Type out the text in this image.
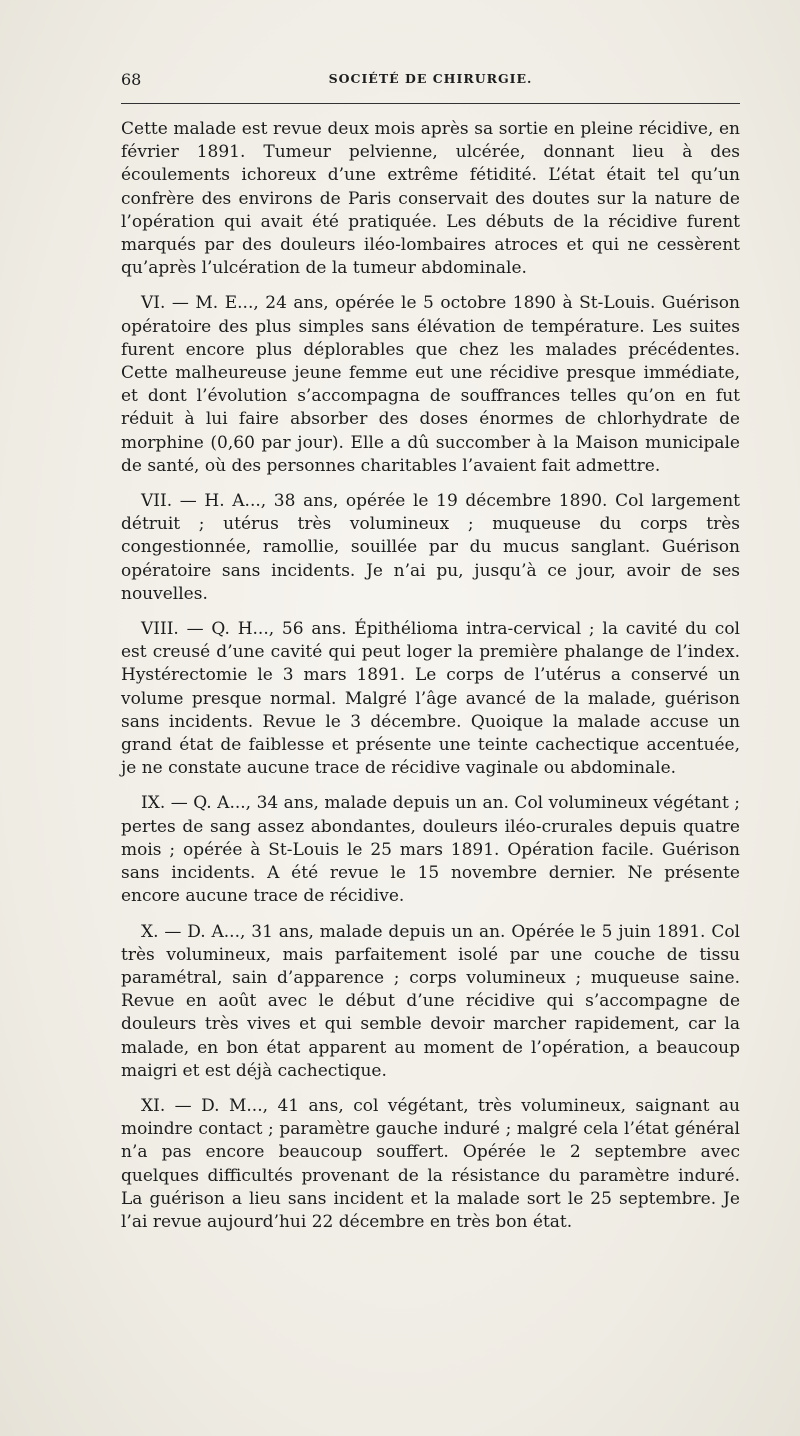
68	SOCIÉTÉ DE CHIRURGIE.

Cette malade est revue deux mois après sa sortie en pleine récidive, en février 1891. Tumeur pelvienne, ulcérée, donnant lieu à des écoulements ichoreux d’une extrême fétidité. L’état était tel qu’un confrère des environs de Paris conservait des doutes sur la nature de l’opération qui avait été pratiquée. Les débuts de la récidive furent marqués par des douleurs iléo-lombaires atroces et qui ne cessèrent qu’après l’ulcération de la tumeur abdominale.

VI. — M. E..., 24 ans, opérée le 5 octobre 1890 à St-Louis. Guérison opératoire des plus simples sans élévation de température. Les suites furent encore plus déplorables que chez les malades précédentes. Cette malheureuse jeune femme eut une récidive presque immédiate, et dont l’évolution s’accompagna de souffrances telles qu’on en fut réduit à lui faire absorber des doses énormes de chlorhydrate de morphine (0,60 par jour). Elle a dû succomber à la Maison municipale de santé, où des personnes charitables l’avaient fait admettre.

VII. — H. A..., 38 ans, opérée le 19 décembre 1890. Col largement détruit ; utérus très volumineux ; muqueuse du corps très congestionnée, ramollie, souillée par du mucus sanglant. Guérison opératoire sans incidents. Je n’ai pu, jusqu’à ce jour, avoir de ses nouvelles.

VIII. — Q. H..., 56 ans. Épithélioma intra-cervical ; la cavité du col est creusé d’une cavité qui peut loger la première phalange de l’index. Hystérectomie le 3 mars 1891. Le corps de l’utérus a conservé un volume presque normal. Malgré l’âge avancé de la malade, guérison sans incidents. Revue le 3 décembre. Quoique la malade accuse un grand état de faiblesse et présente une teinte cachectique accentuée, je ne constate aucune trace de récidive vaginale ou abdominale.

IX. — Q. A..., 34 ans, malade depuis un an. Col volumineux végétant ; pertes de sang assez abondantes, douleurs iléo-crurales depuis quatre mois ; opérée à St-Louis le 25 mars 1891. Opération facile. Guérison sans incidents. A été revue le 15 novembre dernier. Ne présente encore aucune trace de récidive.

X. — D. A..., 31 ans, malade depuis un an. Opérée le 5 juin 1891. Col très volumineux, mais parfaitement isolé par une couche de tissu paramétral, sain d’apparence ; corps volumineux ; muqueuse saine. Revue en août avec le début d’une récidive qui s’accompagne de douleurs très vives et qui semble devoir marcher rapidement, car la malade, en bon état apparent au moment de l’opération, a beaucoup maigri et est déjà cachectique.

XI. — D. M..., 41 ans, col végétant, très volumineux, saignant au moindre contact ; paramètre gauche induré ; malgré cela l’état général n’a pas encore beaucoup souffert. Opérée le 2 septembre avec quelques difficultés provenant de la résistance du paramètre induré. La guérison a lieu sans incident et la malade sort le 25 septembre. Je l’ai revue aujourd’hui 22 décembre en très bon état.
